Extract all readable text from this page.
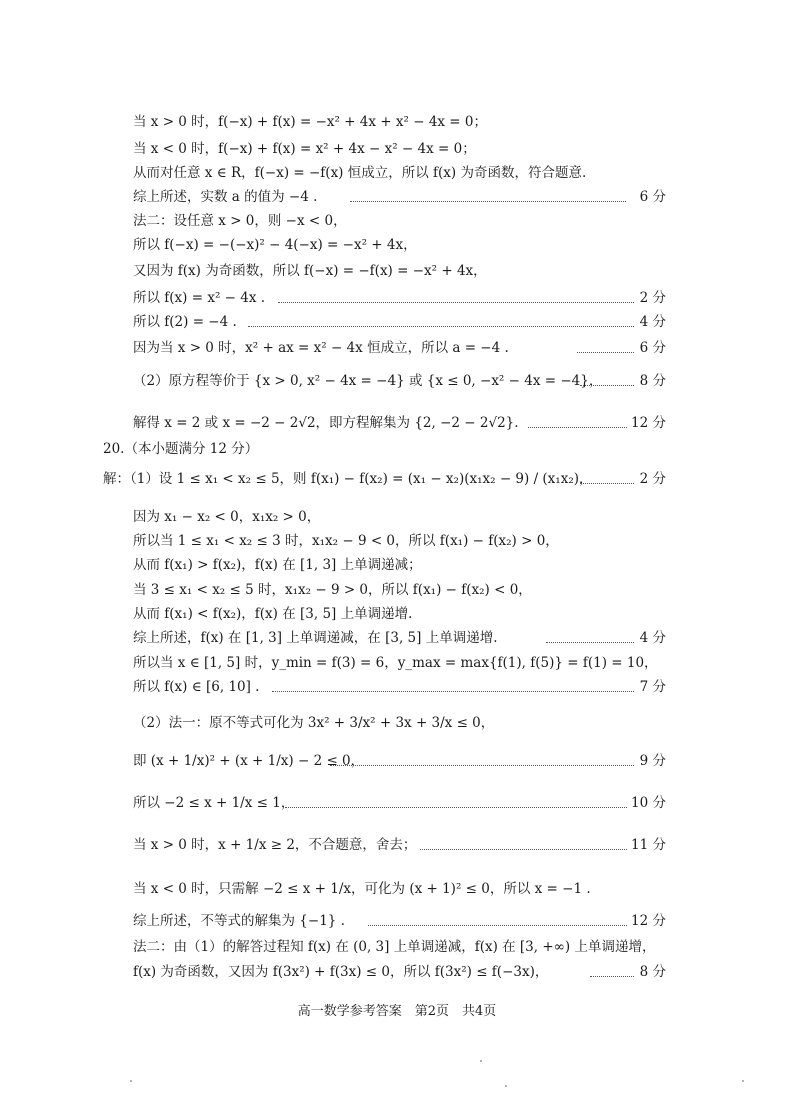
当 x > 0 时，f(−x) + f(x) = −x² + 4x + x² − 4x = 0；
当 x < 0 时，f(−x) + f(x) = x² + 4x − x² − 4x = 0；
从而对任意 x ∈ R，f(−x) = −f(x) 恒成立，所以 f(x) 为奇函数，符合题意.
综上所述，实数 a 的值为 −4 .	6 分
法二：设任意 x > 0，则 −x < 0，
所以 f(−x) = −(−x)² − 4(−x) = −x² + 4x，
又因为 f(x) 为奇函数，所以 f(−x) = −f(x) = −x² + 4x，
所以 f(x) = x² − 4x .	2 分
所以 f(2) = −4 .	4 分
因为当 x > 0 时，x² + ax = x² − 4x 恒成立，所以 a = −4 .	6 分
（2）原方程等价于 {x > 0, x² − 4x = −4} 或 {x ≤ 0, −x² − 4x = −4}，	8 分
解得 x = 2 或 x = −2 − 2√2，即方程解集为 {2, −2 − 2√2}.	12 分
20.（本小题满分 12 分）
解：（1）设 1 ≤ x₁ < x₂ ≤ 5，则 f(x₁) − f(x₂) = (x₁ − x₂)(x₁x₂ − 9) / (x₁x₂)，	2 分
因为 x₁ − x₂ < 0，x₁x₂ > 0，
所以当 1 ≤ x₁ < x₂ ≤ 3 时，x₁x₂ − 9 < 0，所以 f(x₁) − f(x₂) > 0，
从而 f(x₁) > f(x₂)，f(x) 在 [1, 3] 上单调递减；
当 3 ≤ x₁ < x₂ ≤ 5 时，x₁x₂ − 9 > 0，所以 f(x₁) − f(x₂) < 0，
从而 f(x₁) < f(x₂)，f(x) 在 [3, 5] 上单调递增.
综上所述，f(x) 在 [1, 3] 上单调递减，在 [3, 5] 上单调递增.	4 分
所以当 x ∈ [1, 5] 时，y_min = f(3) = 6，y_max = max{f(1), f(5)} = f(1) = 10，
所以 f(x) ∈ [6, 10] .	7 分
（2）法一：原不等式可化为 3x² + 3/x² + 3x + 3/x ≤ 0，
即 (x + 1/x)² + (x + 1/x) − 2 ≤ 0，	9 分
所以 −2 ≤ x + 1/x ≤ 1，	10 分
当 x > 0 时，x + 1/x ≥ 2，不合题意，舍去；	11 分
当 x < 0 时，只需解 −2 ≤ x + 1/x，可化为 (x + 1)² ≤ 0，所以 x = −1 .
综上所述，不等式的解集为 {−1} .	12 分
法二：由（1）的解答过程知 f(x) 在 (0, 3] 上单调递减，f(x) 在 [3, +∞) 上单调递增，
f(x) 为奇函数，又因为 f(3x²) + f(3x) ≤ 0，所以 f(3x²) ≤ f(−3x)，	8 分
高一数学参考答案　第2页　共4页
